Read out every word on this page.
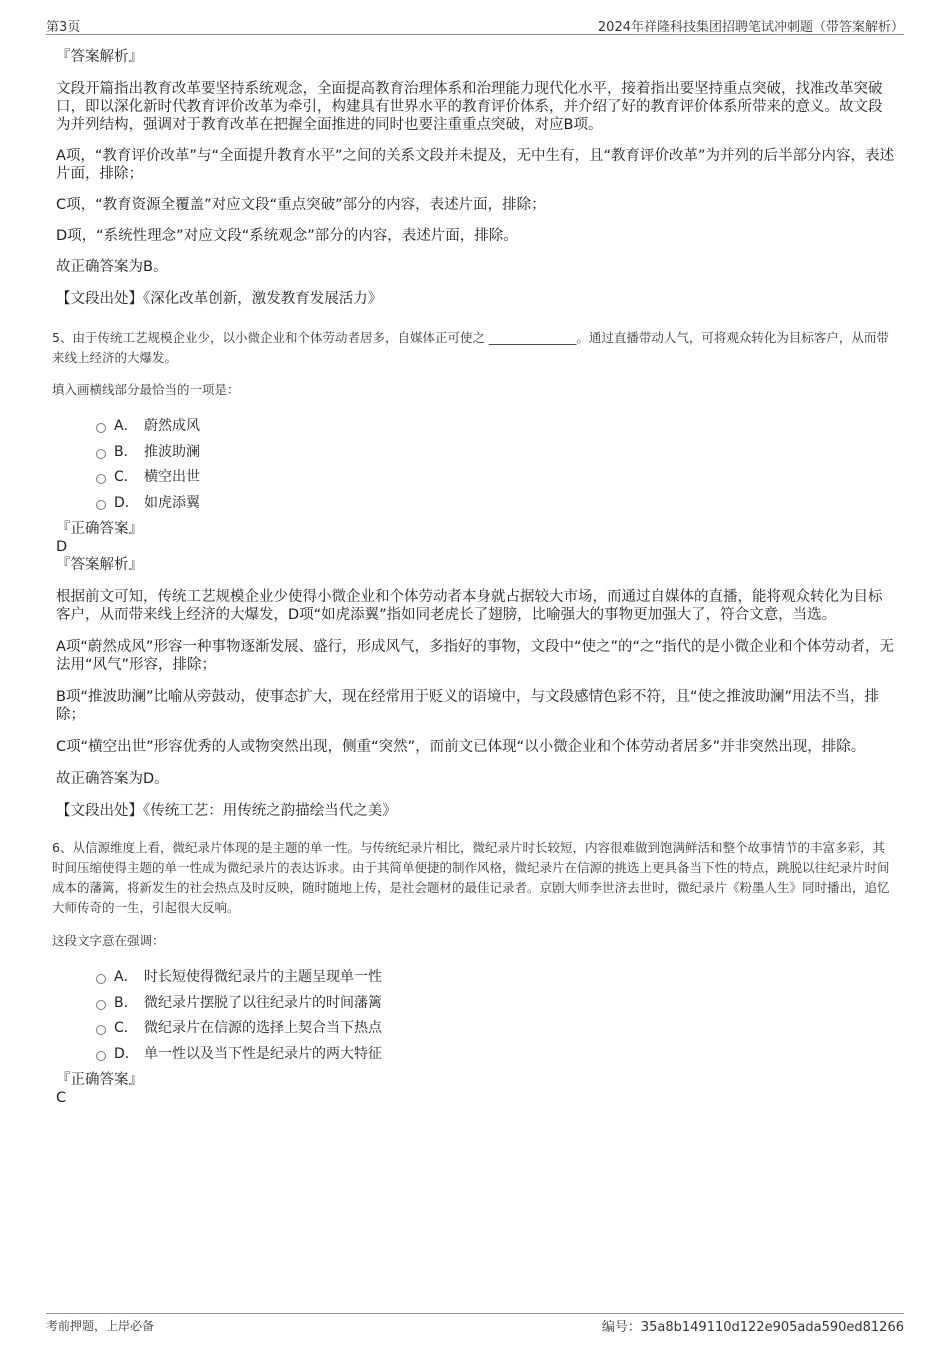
第3页	2024年祥隆科技集团招聘笔试冲刺题（带答案解析）

『答案解析』

文段开篇指出教育改革要坚持系统观念，全面提高教育治理体系和治理能力现代化水平，接着指出要坚持重点突破，找准改革突破口，即以深化新时代教育评价改革为牵引，构建具有世界水平的教育评价体系，并介绍了好的教育评价体系所带来的意义。故文段为并列结构，强调对于教育改革在把握全面推进的同时也要注重重点突破，对应B项。

A项，“教育评价改革”与“全面提升教育水平”之间的关系文段并未提及，无中生有，且“教育评价改革”为并列的后半部分内容，表述片面，排除；

C项，“教育资源全覆盖”对应文段“重点突破”部分的内容，表述片面，排除；

D项，“系统性理念”对应文段“系统观念”部分的内容，表述片面，排除。

故正确答案为B。

【文段出处】《深化改革创新，激发教育发展活力》

5、由于传统工艺规模企业少，以小微企业和个体劳动者居多，自媒体正可使之 ______________。通过直播带动人气，可将观众转化为目标客户，从而带来线上经济的大爆发。

填入画横线部分最恰当的一项是：

A． 蔚然成风
B． 推波助澜
C． 横空出世
D． 如虎添翼

『正确答案』

D

『答案解析』

根据前文可知，传统工艺规模企业少使得小微企业和个体劳动者本身就占据较大市场，而通过自媒体的直播，能将观众转化为目标客户，从而带来线上经济的大爆发，D项“如虎添翼”指如同老虎长了翅膀，比喻强大的事物更加强大了，符合文意，当选。

A项“蔚然成风”形容一种事物逐渐发展、盛行，形成风气，多指好的事物，文段中“使之”的“之”指代的是小微企业和个体劳动者，无法用“风气”形容，排除；

B项“推波助澜”比喻从旁鼓动，使事态扩大，现在经常用于贬义的语境中，与文段感情色彩不符，且“使之推波助澜”用法不当，排除；

C项“横空出世”形容优秀的人或物突然出现，侧重“突然”，而前文已体现“以小微企业和个体劳动者居多”并非突然出现，排除。

故正确答案为D。

【文段出处】《传统工艺：用传统之韵描绘当代之美》

6、从信源维度上看，微纪录片体现的是主题的单一性。与传统纪录片相比，微纪录片时长较短，内容很难做到饱满鲜活和整个故事情节的丰富多彩，其时间压缩使得主题的单一性成为微纪录片的表达诉求。由于其简单便捷的制作风格，微纪录片在信源的挑选上更具备当下性的特点，跳脱以往纪录片时间成本的藩篱，将新发生的社会热点及时反映，随时随地上传，是社会题材的最佳记录者。京剧大师李世济去世时，微纪录片《粉墨人生》同时播出，追忆大师传奇的一生，引起很大反响。

这段文字意在强调：

A． 时长短使得微纪录片的主题呈现单一性
B． 微纪录片摆脱了以往纪录片的时间藩篱
C． 微纪录片在信源的选择上契合当下热点
D． 单一性以及当下性是纪录片的两大特征

『正确答案』

C

考前押题，上岸必备	编号：35a8b149110d122e905ada590ed81266
